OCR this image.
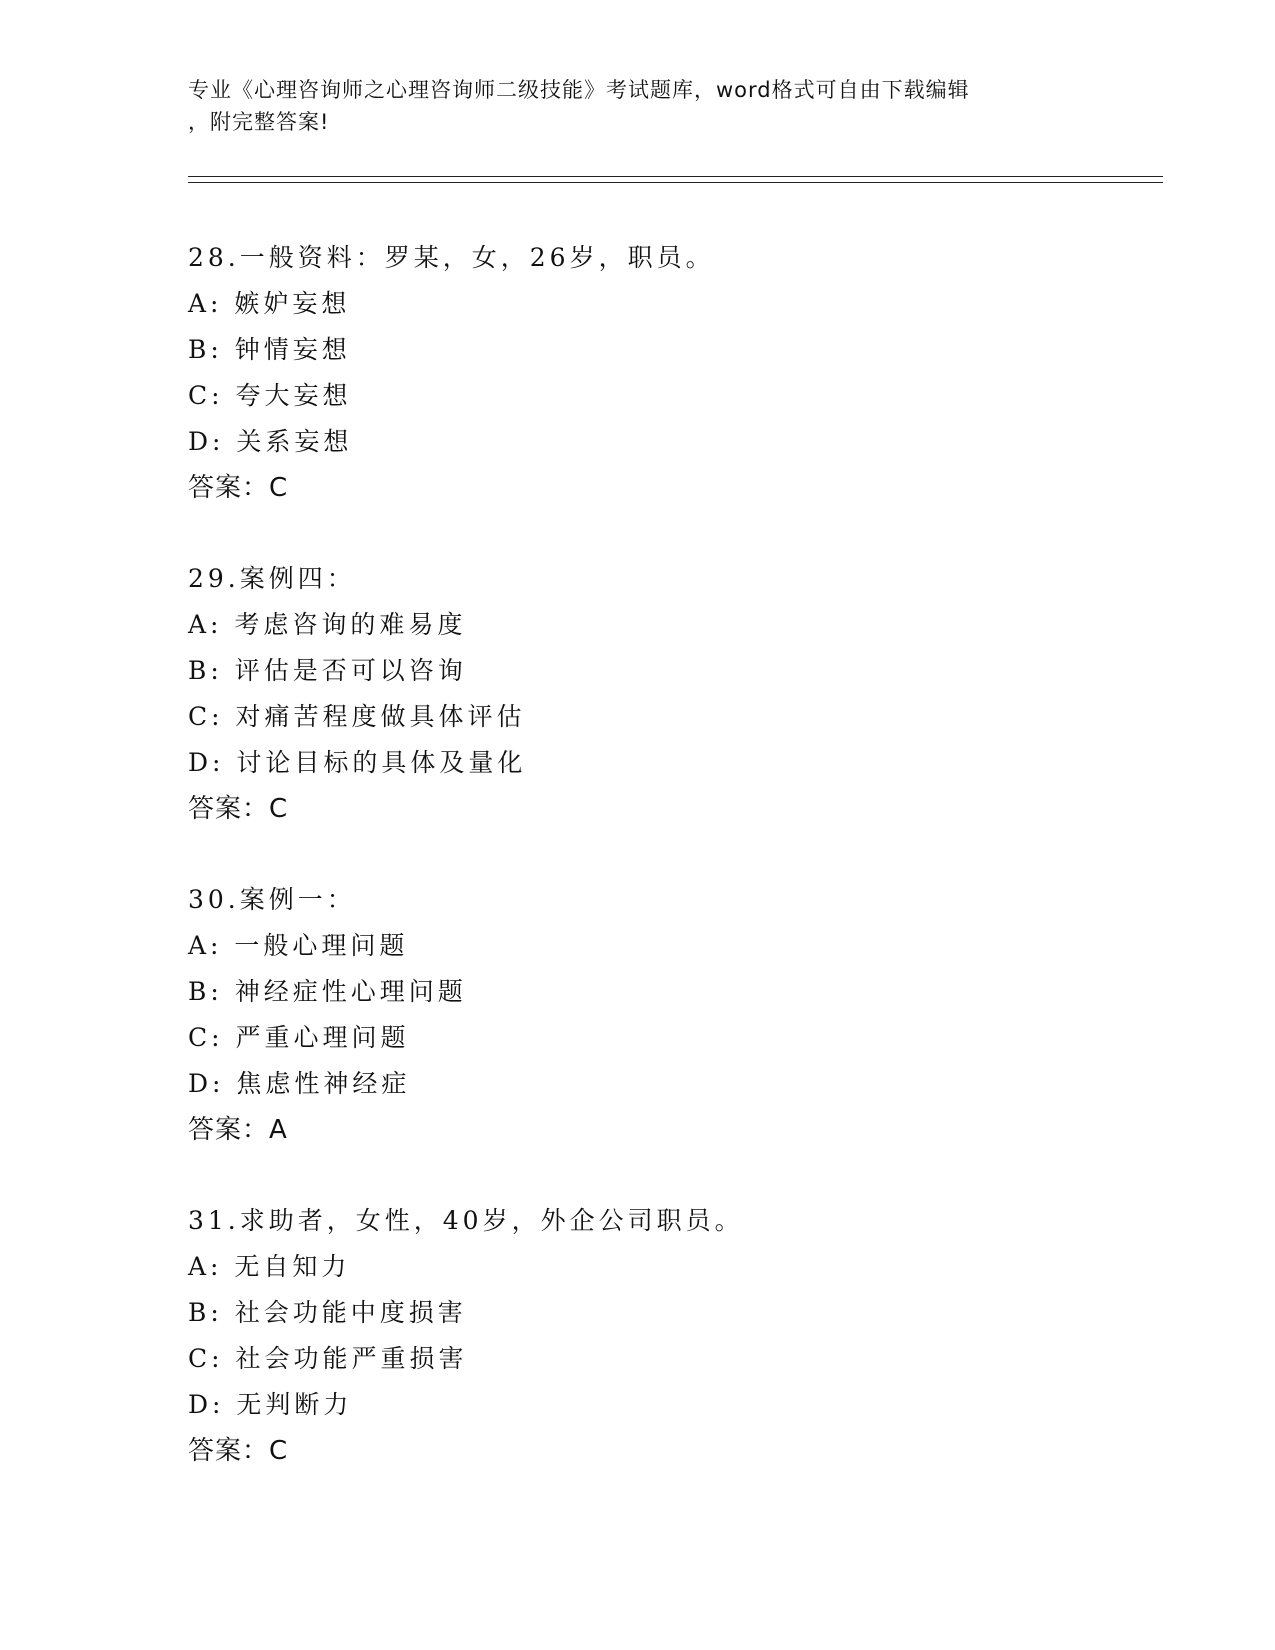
专业《心理咨询师之心理咨询师二级技能》考试题库，word格式可自由下载编辑
，附完整答案!
28.一般资料：罗某，女，26岁，职员。
A: 嫉妒妄想
B: 钟情妄想
C: 夸大妄想
D: 关系妄想
答案：C
29.案例四：
A: 考虑咨询的难易度
B: 评估是否可以咨询
C: 对痛苦程度做具体评估
D: 讨论目标的具体及量化
答案：C
30.案例一：
A: 一般心理问题
B: 神经症性心理问题
C: 严重心理问题
D: 焦虑性神经症
答案：A
31.求助者，女性，40岁，外企公司职员。
A: 无自知力
B: 社会功能中度损害
C: 社会功能严重损害
D: 无判断力
答案：C
